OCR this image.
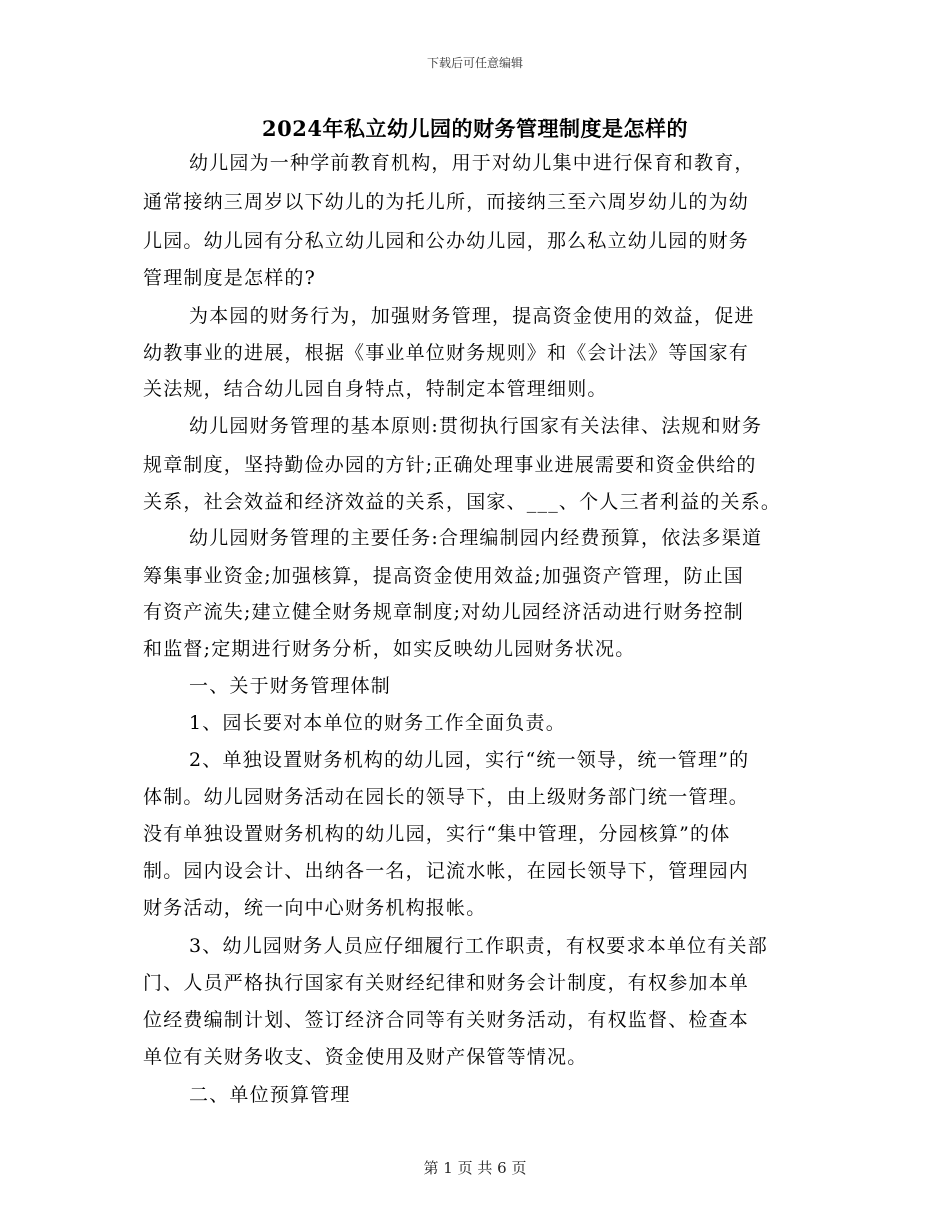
下载后可任意编辑
2024年私立幼儿园的财务管理制度是怎样的
幼儿园为一种学前教育机构，用于对幼儿集中进行保育和教育，
通常接纳三周岁以下幼儿的为托儿所，而接纳三至六周岁幼儿的为幼
儿园。幼儿园有分私立幼儿园和公办幼儿园，那么私立幼儿园的财务
管理制度是怎样的?
为本园的财务行为，加强财务管理，提高资金使用的效益，促进
幼教事业的进展，根据《事业单位财务规则》和《会计法》等国家有
关法规，结合幼儿园自身特点，特制定本管理细则。
幼儿园财务管理的基本原则:贯彻执行国家有关法律、法规和财务
规章制度，坚持勤俭办园的方针;正确处理事业进展需要和资金供给的
关系，社会效益和经济效益的关系，国家、___、个人三者利益的关系。
幼儿园财务管理的主要任务:合理编制园内经费预算，依法多渠道
筹集事业资金;加强核算，提高资金使用效益;加强资产管理，防止国
有资产流失;建立健全财务规章制度;对幼儿园经济活动进行财务控制
和监督;定期进行财务分析，如实反映幼儿园财务状况。
一、关于财务管理体制
1、园长要对本单位的财务工作全面负责。
2、单独设置财务机构的幼儿园，实行“统一领导，统一管理”的
体制。幼儿园财务活动在园长的领导下，由上级财务部门统一管理。
没有单独设置财务机构的幼儿园，实行“集中管理，分园核算”的体
制。园内设会计、出纳各一名，记流水帐，在园长领导下，管理园内
财务活动，统一向中心财务机构报帐。
3、幼儿园财务人员应仔细履行工作职责，有权要求本单位有关部
门、人员严格执行国家有关财经纪律和财务会计制度，有权参加本单
位经费编制计划、签订经济合同等有关财务活动，有权监督、检查本
单位有关财务收支、资金使用及财产保管等情况。
二、单位预算管理
第 1 页 共 6 页
